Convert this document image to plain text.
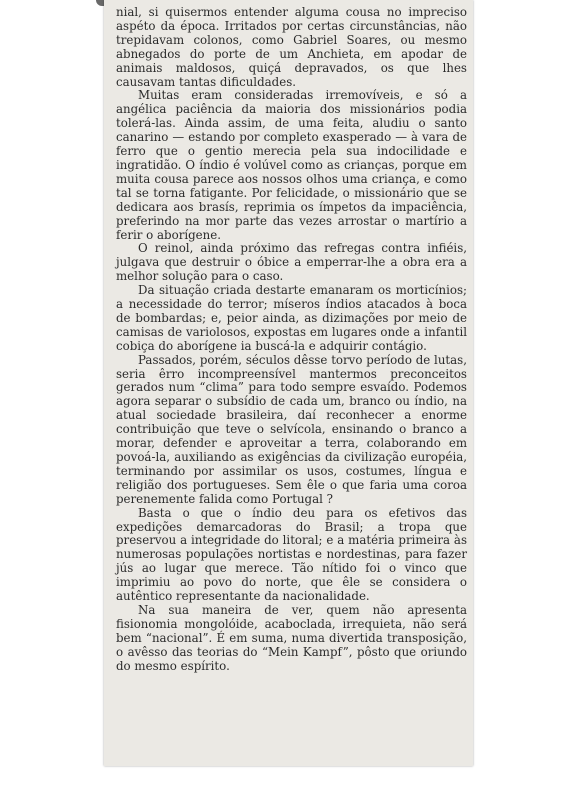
nial, si quisermos entender alguma cousa no impreciso aspéto da época. Irritados por certas circunstâncias, não trepidavam colonos, como Gabriel Soares, ou mesmo abnegados do porte de um Anchieta, em apodar de animais maldosos, quiçá depravados, os que lhes causavam tantas dificuldades.

Muitas eram consideradas irremovíveis, e só a angélica paciência da maioria dos missionários podia tolerá-las. Ainda assim, de uma feita, aludiu o santo canarino — estando por completo exasperado — à vara de ferro que o gentio merecia pela sua indocilidade e ingratidão. O índio é volúvel como as crianças, porque em muita cousa parece aos nossos olhos uma criança, e como tal se torna fatigante. Por felicidade, o missionário que se dedicara aos brasís, reprimia os ímpetos da impaciência, preferindo na mor parte das vezes arrostar o martírio a ferir o aborígene.

O reinol, ainda próximo das refregas contra infiéis, julgava que destruir o óbice a emperrar-lhe a obra era a melhor solução para o caso.

Da situação criada destarte emanaram os morticínios; a necessidade do terror; míseros índios atacados à boca de bombardas; e, peior ainda, as dizimações por meio de camisas de variolosos, expostas em lugares onde a infantil cobiça do aborígene ia buscá-la e adquirir contágio.

Passados, porém, séculos dêsse torvo período de lutas, seria êrro incompreensível mantermos preconceitos gerados num “clima” para todo sempre esvaído. Podemos agora separar o subsídio de cada um, branco ou índio, na atual sociedade brasileira, daí reconhecer a enorme contribuição que teve o selvícola, ensinando o branco a morar, defender e aproveitar a terra, colaborando em povoá-la, auxiliando as exigências da civilização européia, terminando por assimilar os usos, costumes, língua e religião dos portugueses. Sem êle o que faria uma coroa perenemente falida como Portugal ?

Basta o que o índio deu para os efetivos das expedições demarcadoras do Brasil; a tropa que preservou a integridade do litoral; e a matéria primeira às numerosas populações nortistas e nordestinas, para fazer jús ao lugar que merece. Tão nítido foi o vinco que imprimiu ao povo do norte, que êle se considera o autêntico representante da nacionalidade.

Na sua maneira de ver, quem não apresenta fisionomia mongolóide, acaboclada, irrequieta, não será bem “nacional”. É em suma, numa divertida transposição, o avêsso das teorias do “Mein Kampf”, pôsto que oriundo do mesmo espírito.
